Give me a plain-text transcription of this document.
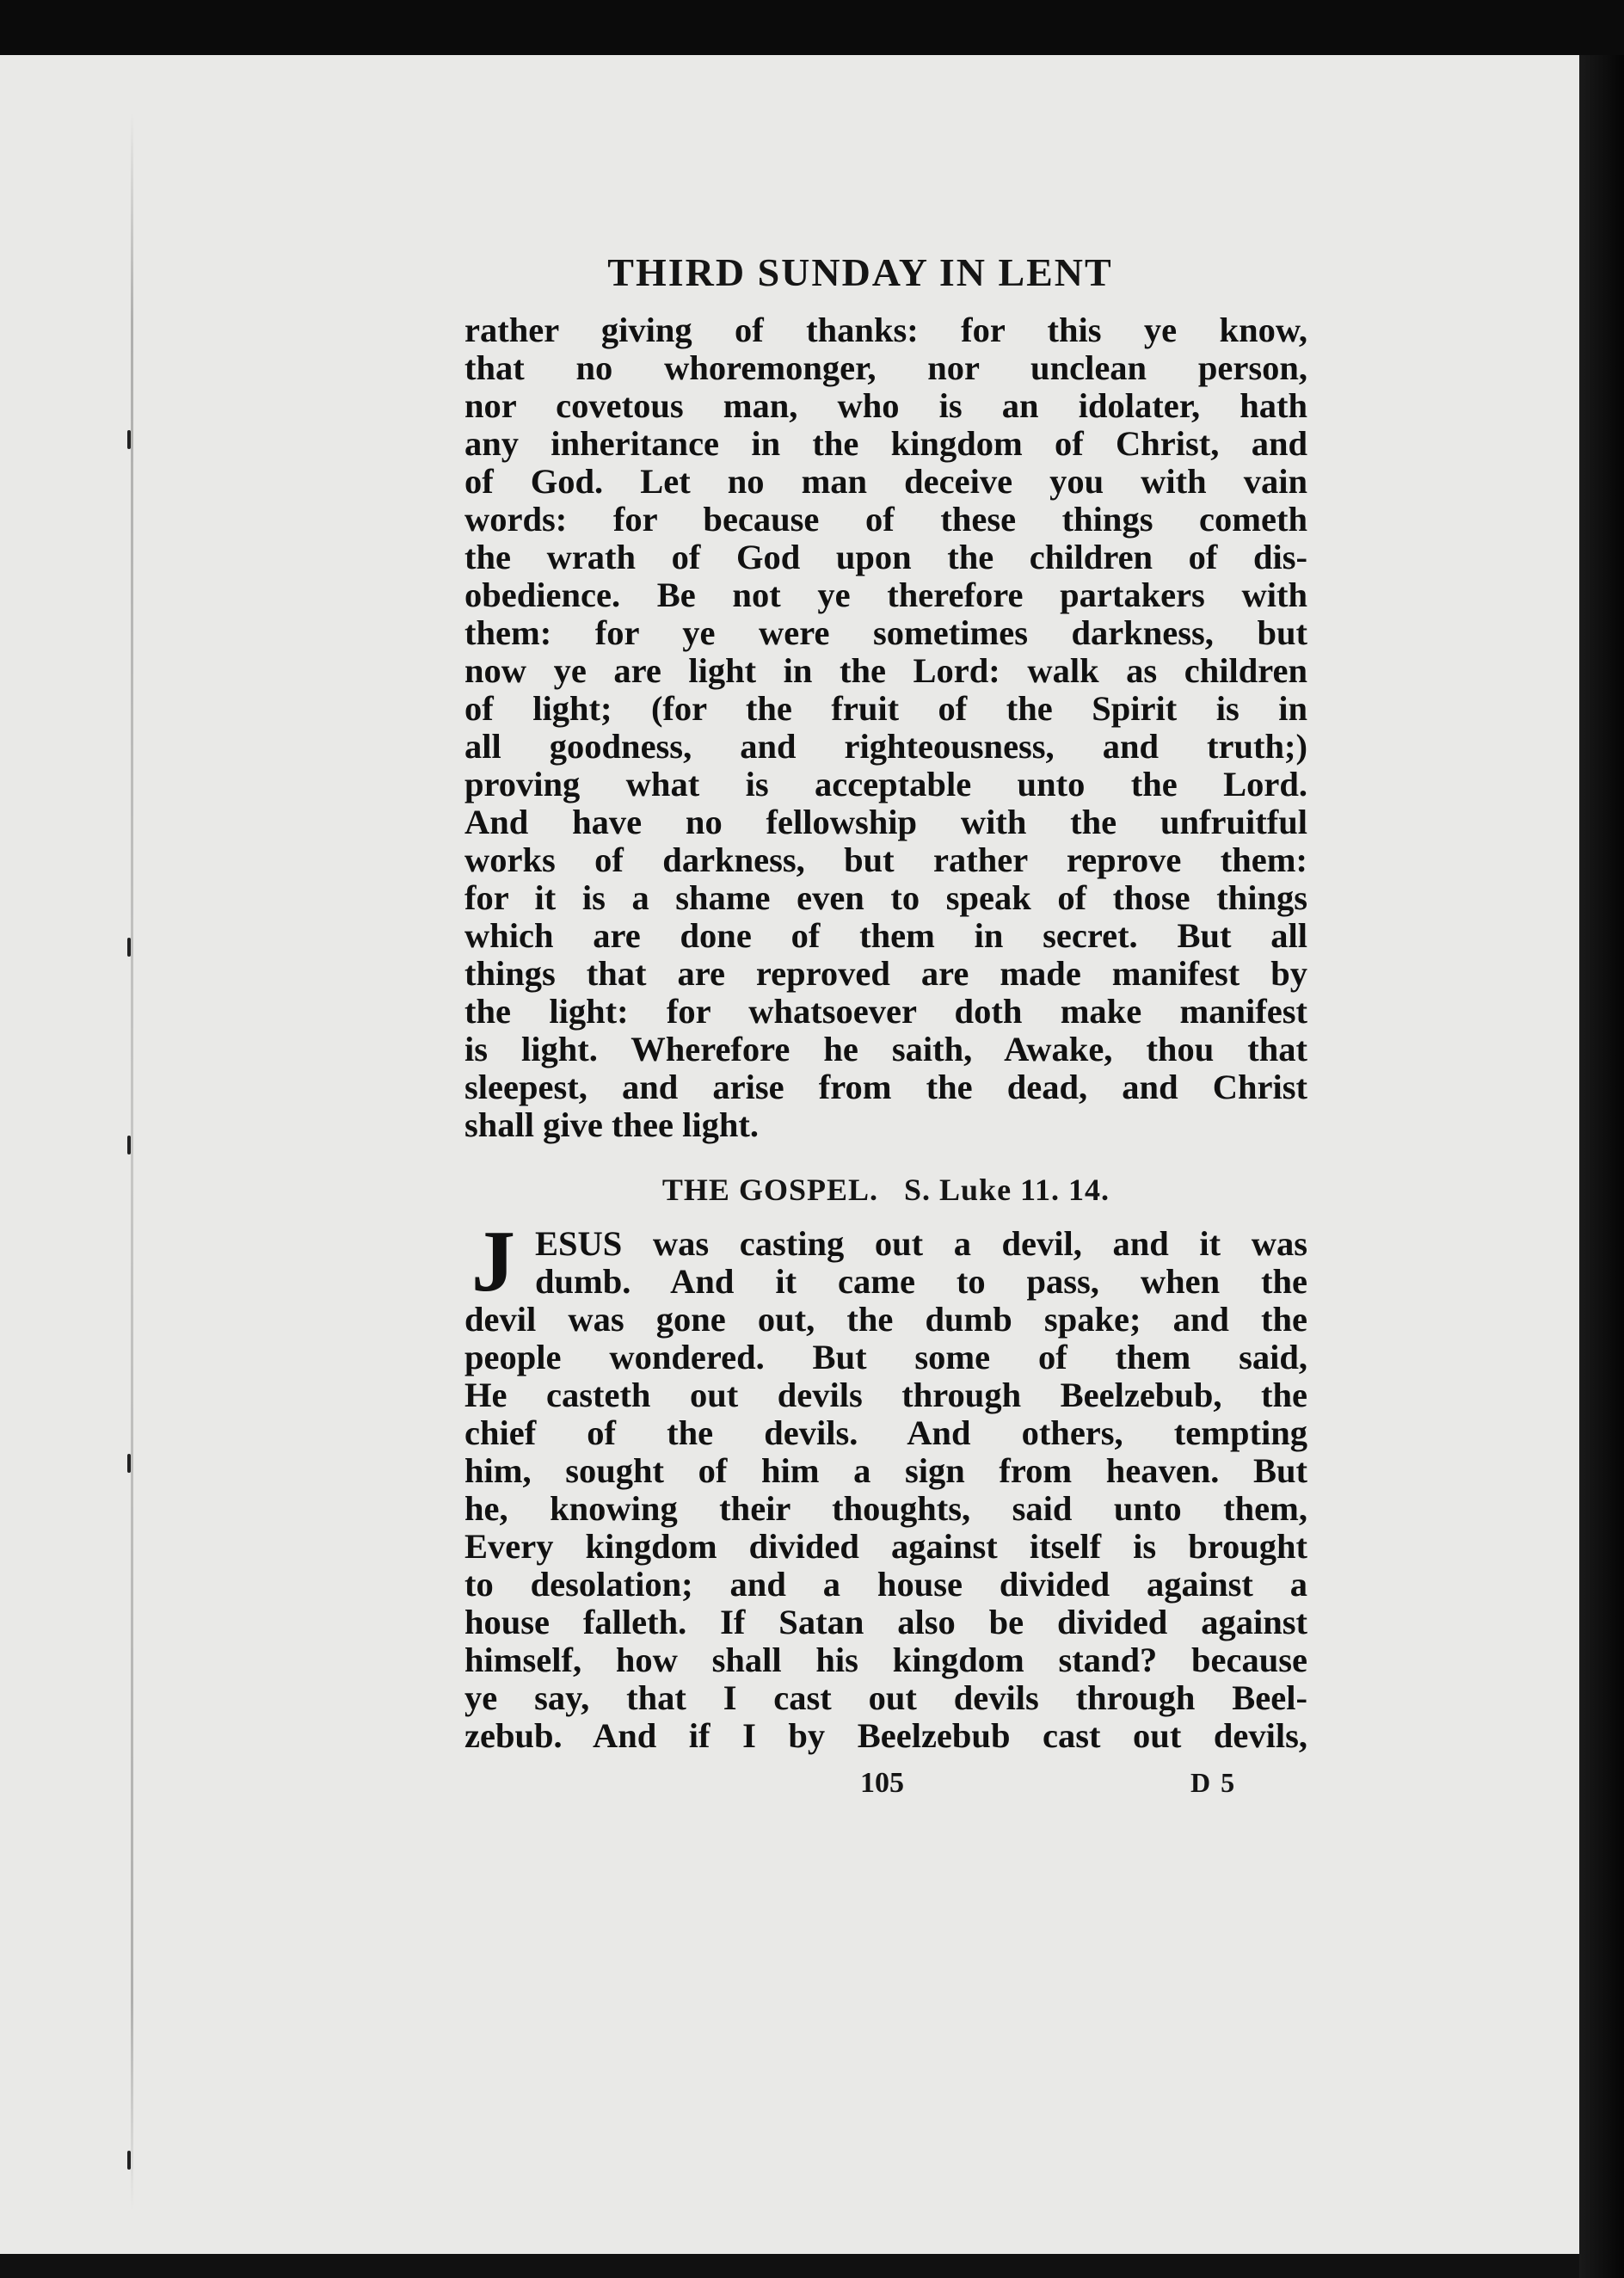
THIRD SUNDAY IN LENT
rather giving of thanks: for this ye know,
that no whoremonger, nor unclean person,
nor covetous man, who is an idolater, hath
any inheritance in the kingdom of Christ, and
of God. Let no man deceive you with vain
words: for because of these things cometh
the wrath of God upon the children of dis-
obedience. Be not ye therefore partakers with
them: for ye were sometimes darkness, but
now ye are light in the Lord: walk as children
of light; (for the fruit of the Spirit is in
all goodness, and righteousness, and truth;)
proving what is acceptable unto the Lord.
And have no fellowship with the unfruitful
works of darkness, but rather reprove them:
for it is a shame even to speak of those things
which are done of them in secret. But all
things that are reproved are made manifest by
the light: for whatsoever doth make manifest
is light. Wherefore he saith, Awake, thou that
sleepest, and arise from the dead, and Christ
shall give thee light.
THE GOSPEL.   S. Luke 11. 14.
J ESUS was casting out a devil, and it was
dumb. And it came to pass, when the
devil was gone out, the dumb spake; and the
people wondered. But some of them said,
He casteth out devils through Beelzebub, the
chief of the devils. And others, tempting
him, sought of him a sign from heaven. But
he, knowing their thoughts, said unto them,
Every kingdom divided against itself is brought
to desolation; and a house divided against a
house falleth. If Satan also be divided against
himself, how shall his kingdom stand? because
ye say, that I cast out devils through Beel-
zebub. And if I by Beelzebub cast out devils,
105	D 5
